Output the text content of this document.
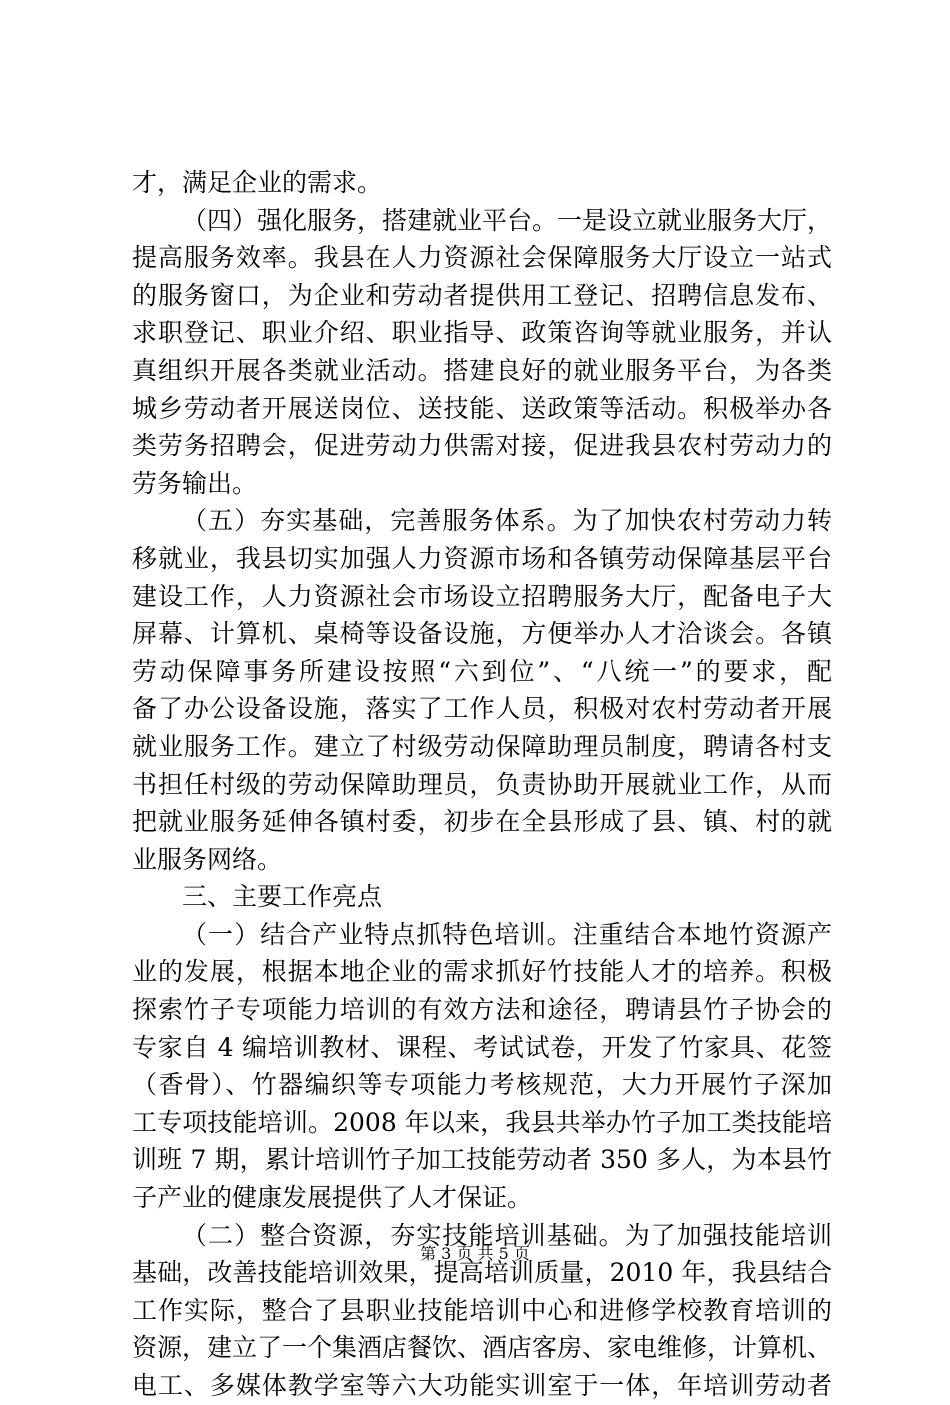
才，满足企业的需求。
（四）强化服务，搭建就业平台。一是设立就业服务大厅，
提高服务效率。我县在人力资源社会保障服务大厅设立一站式
的服务窗口，为企业和劳动者提供用工登记、招聘信息发布、
求职登记、职业介绍、职业指导、政策咨询等就业服务，并认
真组织开展各类就业活动。搭建良好的就业服务平台，为各类
城乡劳动者开展送岗位、送技能、送政策等活动。积极举办各
类劳务招聘会，促进劳动力供需对接，促进我县农村劳动力的
劳务输出。
（五）夯实基础，完善服务体系。为了加快农村劳动力转
移就业，我县切实加强人力资源市场和各镇劳动保障基层平台
建设工作，人力资源社会市场设立招聘服务大厅，配备电子大
屏幕、计算机、桌椅等设备设施，方便举办人才洽谈会。各镇
劳动保障事务所建设按照“六到位”、“八统一”的要求，配
备了办公设备设施，落实了工作人员，积极对农村劳动者开展
就业服务工作。建立了村级劳动保障助理员制度，聘请各村支
书担任村级的劳动保障助理员，负责协助开展就业工作，从而
把就业服务延伸各镇村委，初步在全县形成了县、镇、村的就
业服务网络。
三、主要工作亮点
（一）结合产业特点抓特色培训。注重结合本地竹资源产
业的发展，根据本地企业的需求抓好竹技能人才的培养。积极
探索竹子专项能力培训的有效方法和途径，聘请县竹子协会的
专家自 4 编培训教材、课程、考试试卷，开发了竹家具、花签
（香骨）、竹器编织等专项能力考核规范，大力开展竹子深加
工专项技能培训。2008 年以来，我县共举办竹子加工类技能培
训班 7 期，累计培训竹子加工技能劳动者 350 多人，为本县竹
子产业的健康发展提供了人才保证。
（二）整合资源，夯实技能培训基础。为了加强技能培训
基础，改善技能培训效果，提高培训质量，2010 年，我县结合
工作实际，整合了县职业技能培训中心和进修学校教育培训的
资源，建立了一个集酒店餐饮、酒店客房、家电维修，计算机、
电工、多媒体教学室等六大功能实训室于一体，年培训劳动者
第 3 页 共 5 页
